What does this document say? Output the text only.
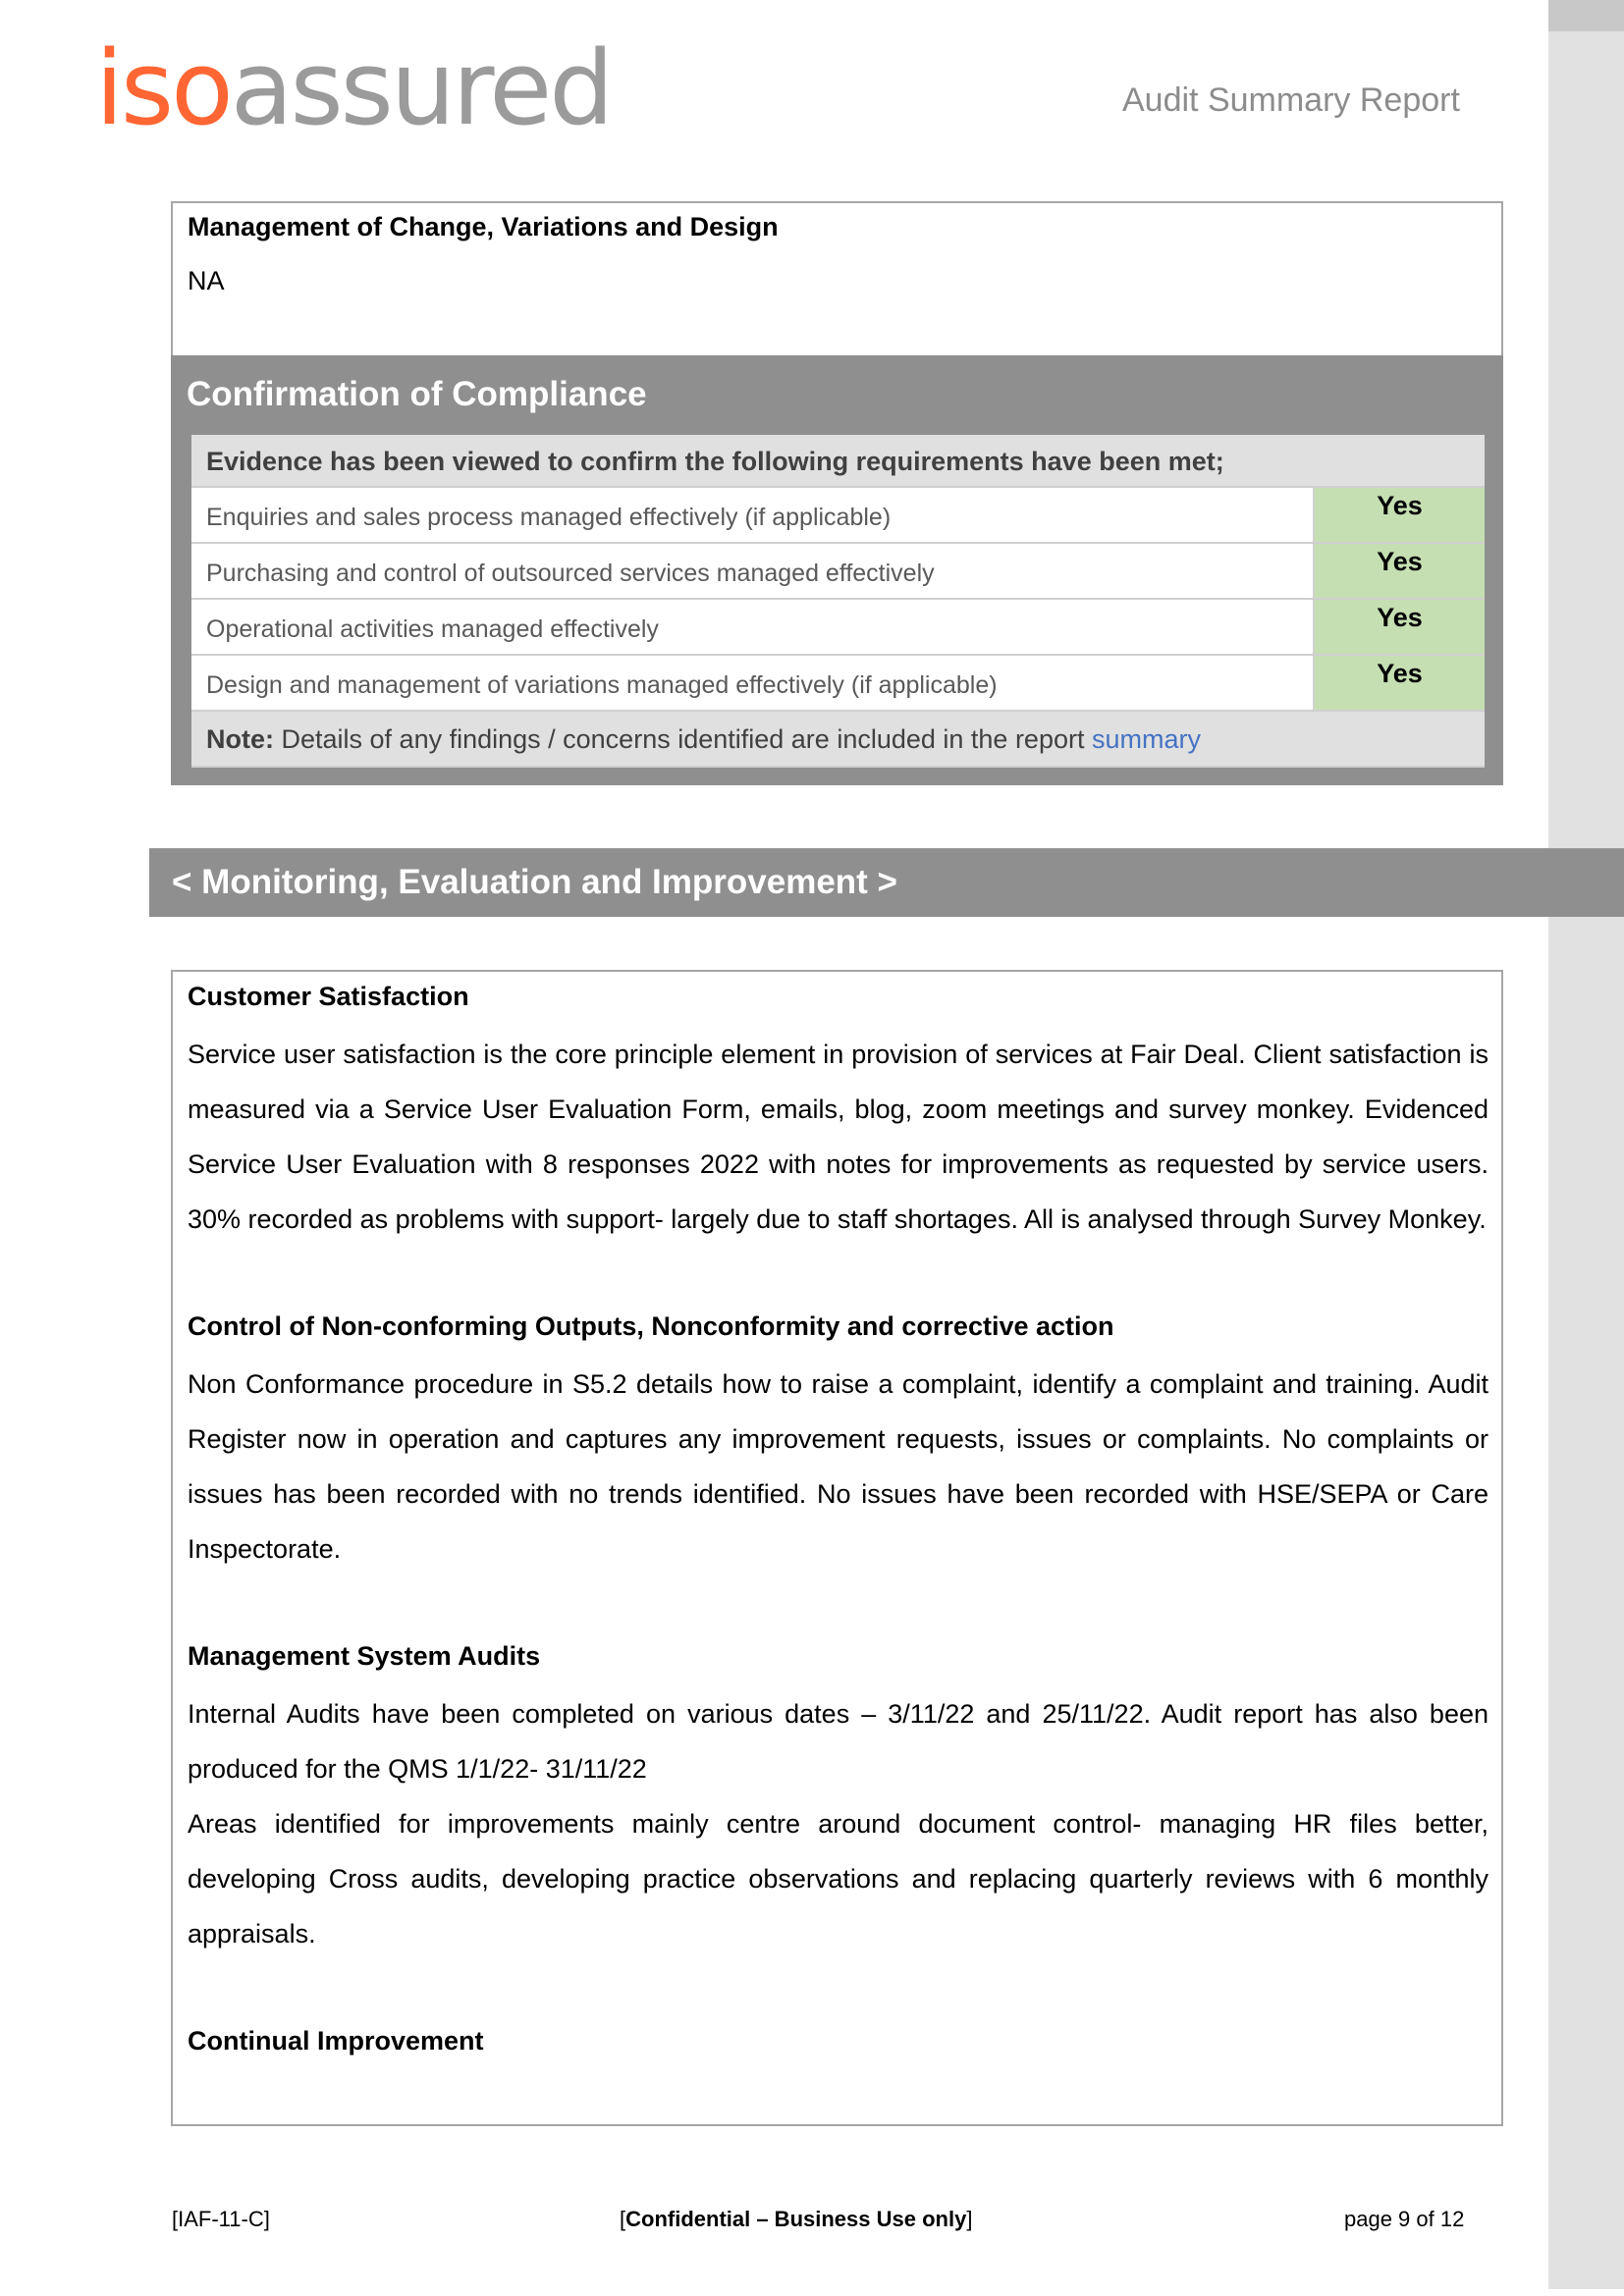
isoassured	Audit Summary Report
Management of Change, Variations and Design
NA
Confirmation of Compliance
Evidence has been viewed to confirm the following requirements have been met;
Enquiries and sales process managed effectively (if applicable)	Yes
Purchasing and control of outsourced services managed effectively	Yes
Operational activities managed effectively	Yes
Design and management of variations managed effectively (if applicable)	Yes
Note: Details of any findings / concerns identified are included in the report summary
< Monitoring, Evaluation and Improvement >
Customer Satisfaction
Service user satisfaction is the core principle element in provision of services at Fair Deal. Client satisfaction is measured via a Service User Evaluation Form, emails, blog, zoom meetings and survey monkey. Evidenced Service User Evaluation with 8 responses 2022 with notes for improvements as requested by service users. 30% recorded as problems with support- largely due to staff shortages. All is analysed through Survey Monkey.
Control of Non-conforming Outputs, Nonconformity and corrective action
Non Conformance procedure in S5.2 details how to raise a complaint, identify a complaint and training. Audit Register now in operation and captures any improvement requests, issues or complaints. No complaints or issues has been recorded with no trends identified. No issues have been recorded with HSE/SEPA or Care Inspectorate.
Management System Audits
Internal Audits have been completed on various dates – 3/11/22 and 25/11/22. Audit report has also been produced for the QMS 1/1/22- 31/11/22
Areas identified for improvements mainly centre around document control- managing HR files better, developing Cross audits, developing practice observations and replacing quarterly reviews with 6 monthly appraisals.
Continual Improvement
[IAF-11-C]	[Confidential – Business Use only]	page 9 of 12
